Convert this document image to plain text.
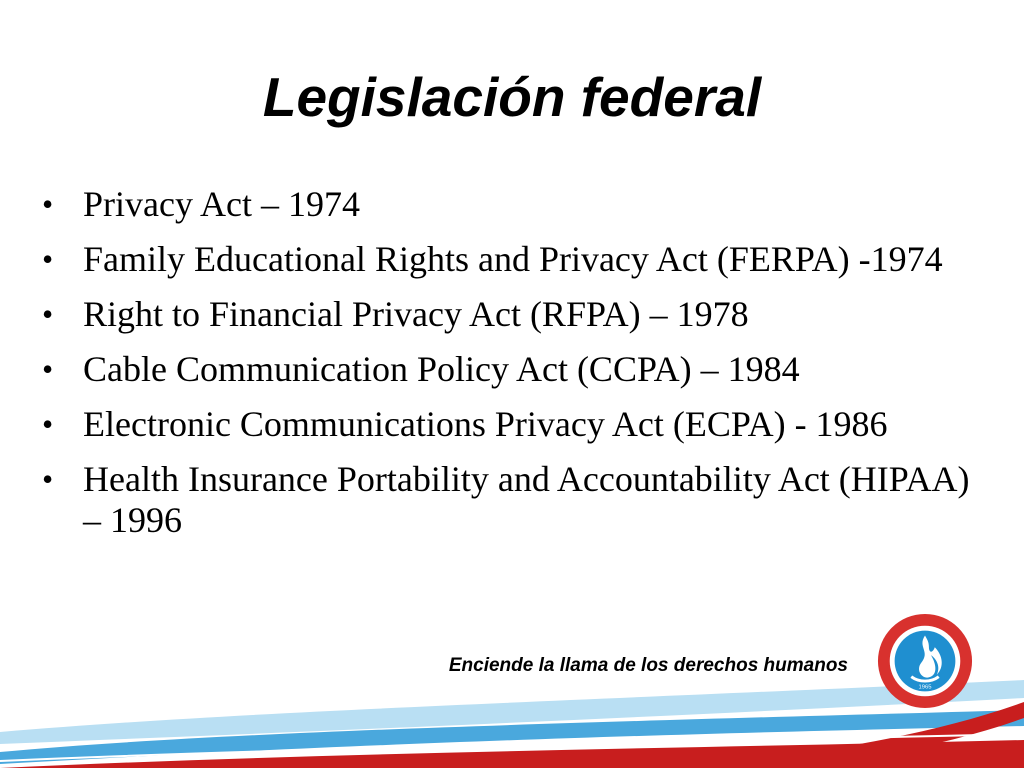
Legislación federal
• Privacy Act – 1974
• Family Educational Rights and Privacy Act (FERPA) -1974
• Right to Financial Privacy Act (RFPA) – 1978
• Cable Communication Policy Act (CCPA) – 1984
• Electronic Communications Privacy Act (ECPA) - 1986
• Health Insurance Portability and Accountability Act (HIPAA) – 1996
Enciende la llama de los derechos humanos
1965
